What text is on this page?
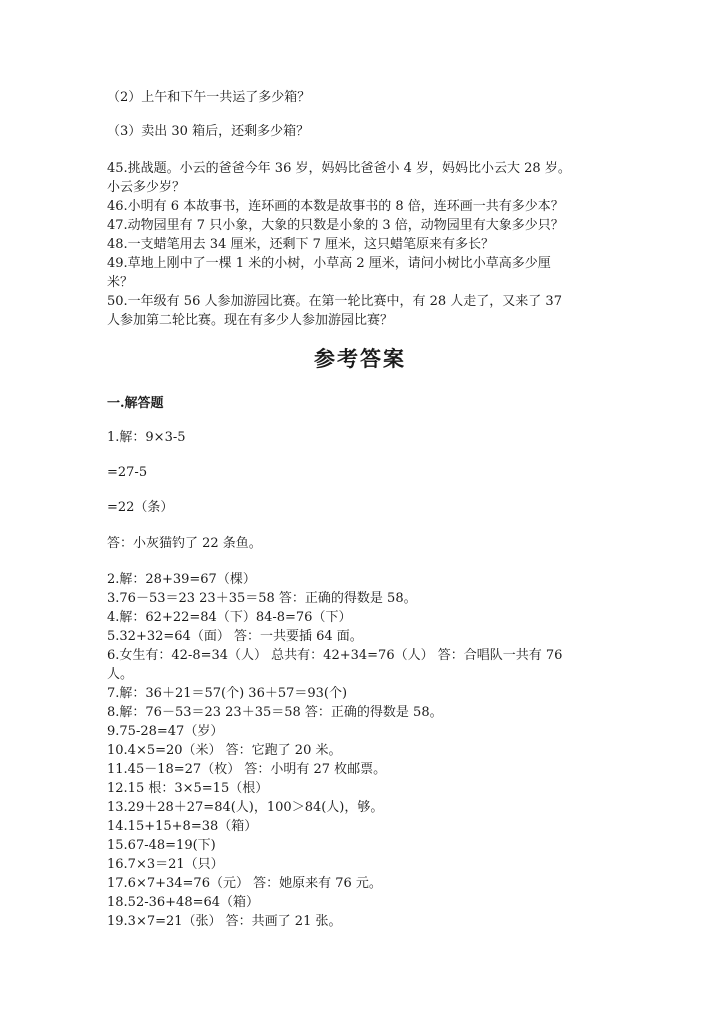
（2）上午和下午一共运了多少箱？
（3）卖出 30 箱后，还剩多少箱？
45.挑战题。小云的爸爸今年 36 岁，妈妈比爸爸小 4 岁，妈妈比小云大 28 岁。
小云多少岁？
46.小明有 6 本故事书，连环画的本数是故事书的 8 倍，连环画一共有多少本？
47.动物园里有 7 只小象，大象的只数是小象的 3 倍，动物园里有大象多少只？
48.一支蜡笔用去 34 厘米，还剩下 7 厘米，这只蜡笔原来有多长？
49.草地上刚中了一棵 1 米的小树，小草高 2 厘米，请问小树比小草高多少厘
米？
50.一年级有 56 人参加游园比赛。在第一轮比赛中，有 28 人走了，又来了 37
人参加第二轮比赛。现在有多少人参加游园比赛？
参考答案
一.解答题
1.解：9×3-5
=27-5
=22（条）
答：小灰猫钓了 22 条鱼。
2.解：28+39=67（棵）
3.76－53＝23 23＋35＝58 答：正确的得数是 58。
4.解：62+22=84（下）84-8=76（下）
5.32+32=64（面） 答：一共要插 64 面。
6.女生有：42-8=34（人） 总共有：42+34=76（人） 答：合唱队一共有 76
人。
7.解：36＋21＝57(个) 36＋57＝93(个)
8.解：76－53＝23 23＋35＝58 答：正确的得数是 58。
9.75-28=47（岁）
10.4×5=20（米） 答：它跑了 20 米。
11.45－18=27（枚） 答：小明有 27 枚邮票。
12.15 根：3×5=15（根）
13.29＋28＋27=84(人)，100＞84(人)，够。
14.15+15+8=38（箱）
15.67-48=19(下)
16.7×3＝21（只）
17.6×7+34=76（元） 答：她原来有 76 元。
18.52-36+48=64（箱）
19.3×7=21（张） 答：共画了 21 张。
